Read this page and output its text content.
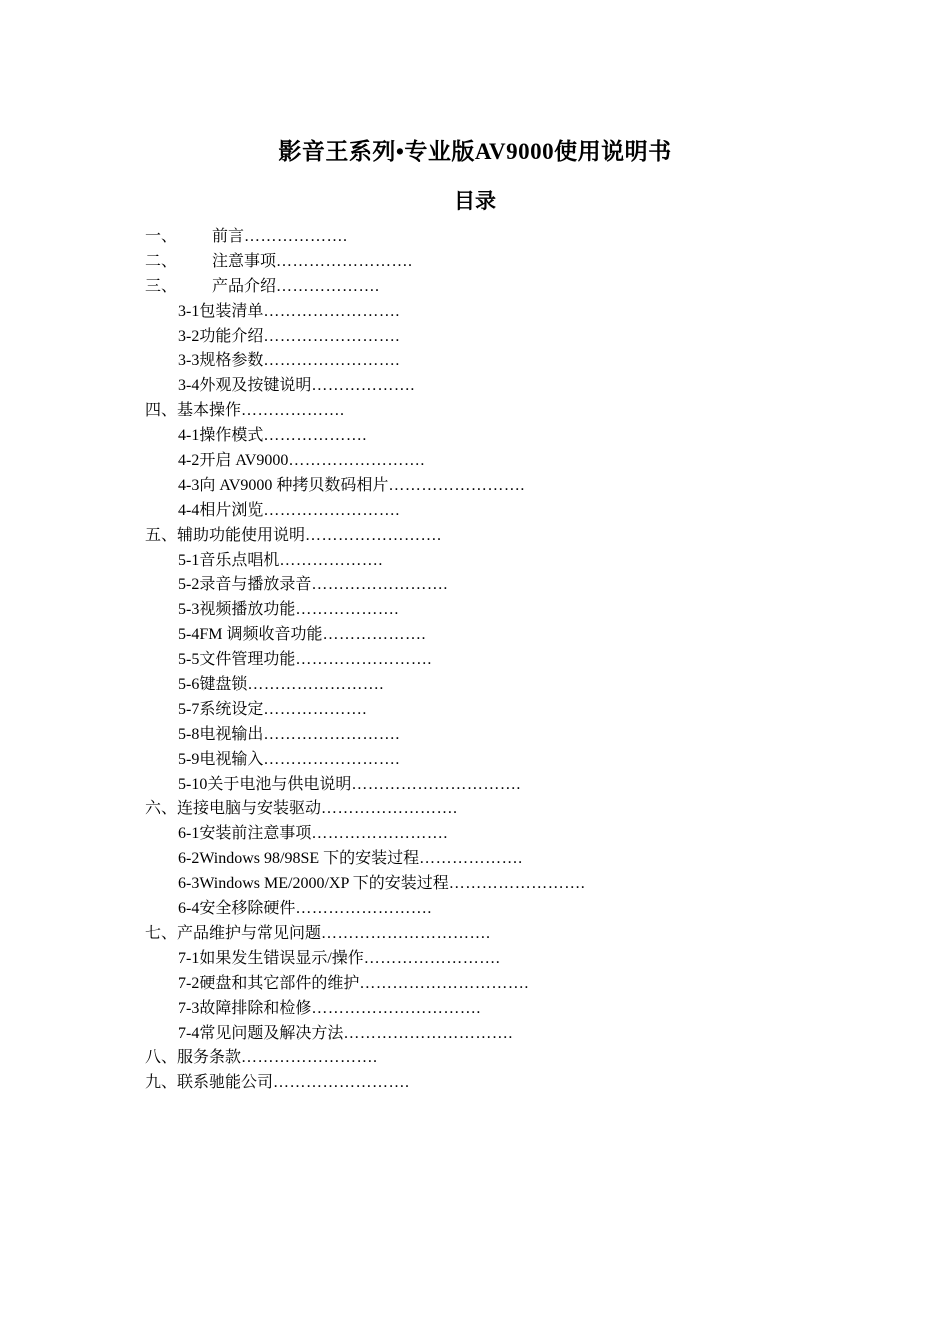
影音王系列•专业版AV9000使用说明书
目录
一、 前言……………….
二、 注意事项…………………….
三、 产品介绍……………….
3-1包装清单…………………….
3-2功能介绍…………………….
3-3规格参数…………………….
3-4外观及按键说明……………….
四、基本操作……………….
4-1操作模式……………….
4-2开启 AV9000…………………….
4-3向 AV9000 种拷贝数码相片…………………….
4-4相片浏览…………………….
五、辅助功能使用说明…………………….
5-1音乐点唱机……………….
5-2录音与播放录音…………………….
5-3视频播放功能……………….
5-4FM 调频收音功能……………….
5-5文件管理功能…………………….
5-6键盘锁…………………….
5-7系统设定……………….
5-8电视输出…………………….
5-9电视输入…………………….
5-10关于电池与供电说明………………………….
六、连接电脑与安装驱动…………………….
6-1安装前注意事项…………………….
6-2Windows 98/98SE 下的安装过程……………….
6-3Windows ME/2000/XP 下的安装过程…………………….
6-4安全移除硬件…………………….
七、产品维护与常见问题………………………….
7-1如果发生错误显示/操作…………………….
7-2硬盘和其它部件的维护………………………….
7-3故障排除和检修………………………….
7-4常见问题及解决方法………………………….
八、服务条款…………………….
九、联系驰能公司…………………….
